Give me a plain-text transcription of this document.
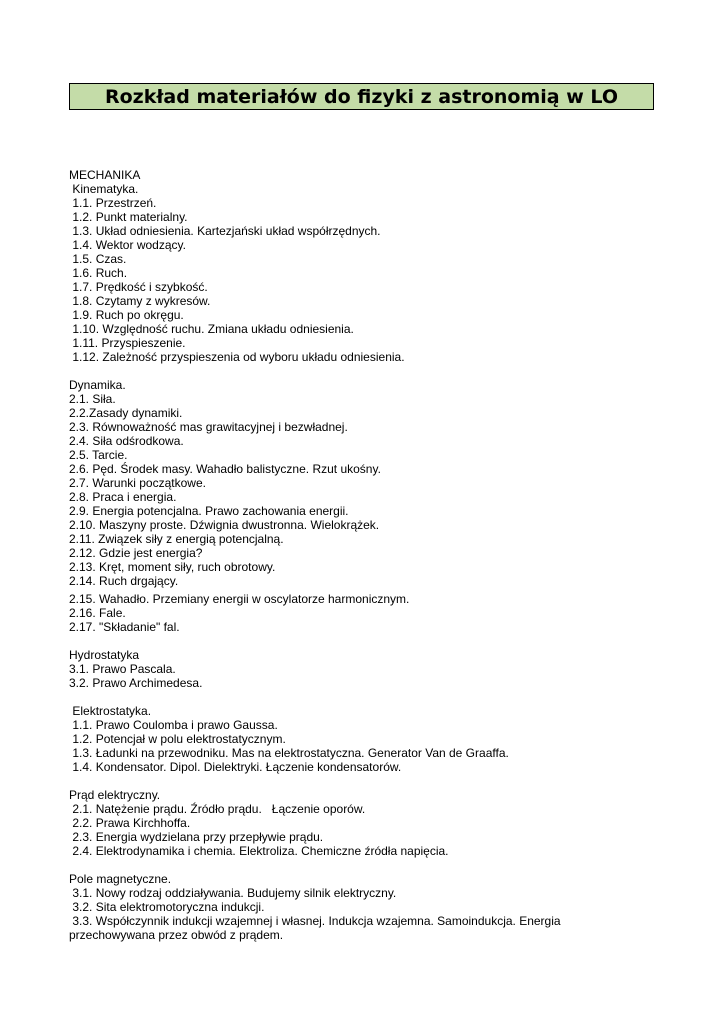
Rozkład materiałów do fizyki z astronomią w LO
MECHANIKA
Kinematyka.
1.1. Przestrzeń.
1.2. Punkt materialny.
1.3. Układ odniesienia. Kartezjański układ współrzędnych.
1.4. Wektor wodzący.
1.5. Czas.
1.6. Ruch.
1.7. Prędkość i szybkość.
1.8. Czytamy z wykresów.
1.9. Ruch po okręgu.
1.10. Względność ruchu. Zmiana układu odniesienia.
1.11. Przyspieszenie.
1.12. Zależność przyspieszenia od wyboru układu odniesienia.
Dynamika.
2.1. Siła.
2.2.Zasady dynamiki.
2.3. Równoważność mas grawitacyjnej i bezwładnej.
2.4. Siła odśrodkowa.
2.5. Tarcie.
2.6. Pęd. Środek masy. Wahadło balistyczne. Rzut ukośny.
2.7. Warunki początkowe.
2.8. Praca i energia.
2.9. Energia potencjalna. Prawo zachowania energii.
2.10. Maszyny proste. Dźwignia dwustronna. Wielokrążek.
2.11. Związek siły z energią potencjalną.
2.12. Gdzie jest energia?
2.13. Kręt, moment siły, ruch obrotowy.
2.14. Ruch drgający.
2.15. Wahadło. Przemiany energii w oscylatorze harmonicznym.
2.16. Fale.
2.17. "Składanie" fal.
Hydrostatyka
3.1. Prawo Pascala.
3.2. Prawo Archimedesa.
Elektrostatyka.
1.1. Prawo Coulomba i prawo Gaussa.
1.2. Potencjał w polu elektrostatycznym.
1.3. Ładunki na przewodniku. Mas na elektrostatyczna. Generator Van de Graaffa.
1.4. Kondensator. Dipol. Dielektryki. Łączenie kondensatorów.
Prąd elektryczny.
2.1. Natężenie prądu. Źródło prądu.   Łączenie oporów.
2.2. Prawa Kirchhoffa.
2.3. Energia wydzielana przy przepływie prądu.
2.4. Elektrodynamika i chemia. Elektroliza. Chemiczne źródła napięcia.
Pole magnetyczne.
3.1. Nowy rodzaj oddziaływania. Budujemy silnik elektryczny.
3.2. Sita elektromotoryczna indukcji.
3.3. Współczynnik indukcji wzajemnej i własnej. Indukcja wzajemna. Samoindukcja. Energia
przechowywana przez obwód z prądem.
